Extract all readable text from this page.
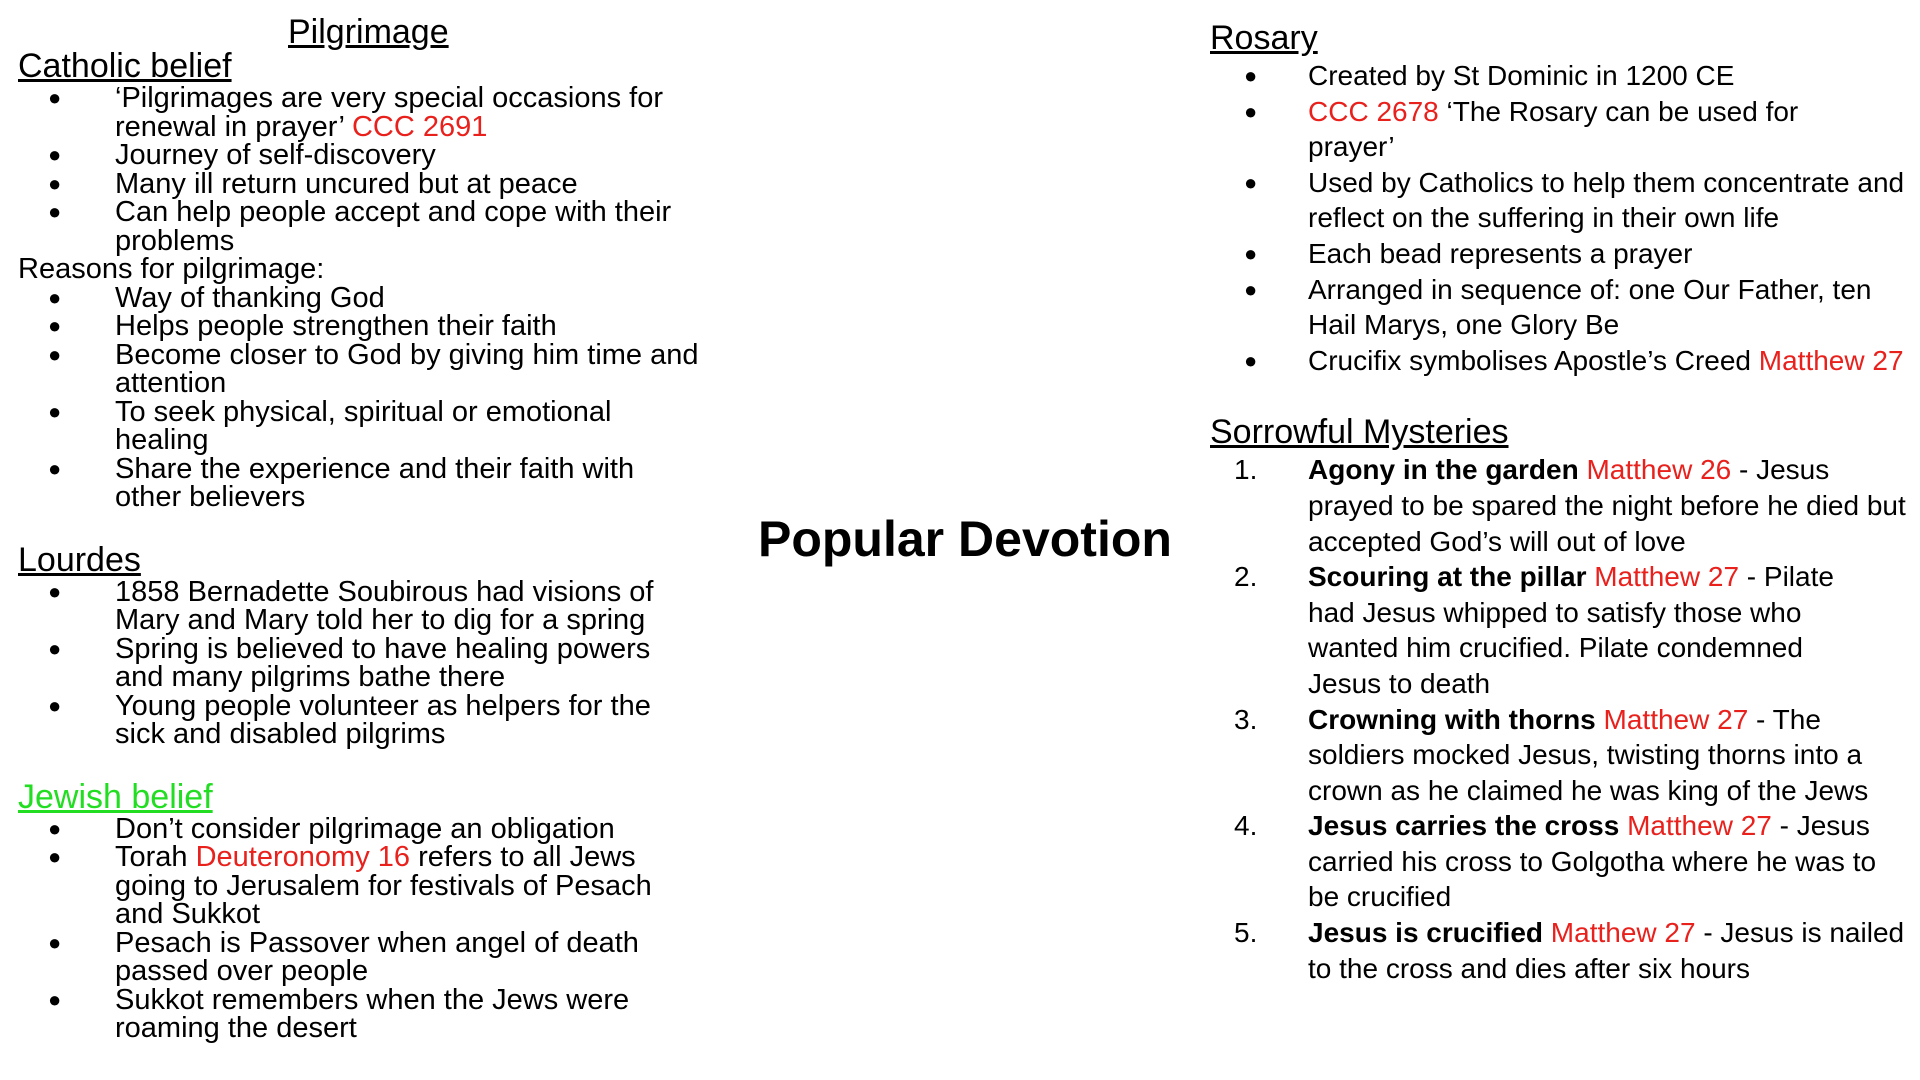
Pilgrimage
Catholic belief
● ‘Pilgrimages are very special occasions for renewal in prayer’ CCC 2691
● Journey of self-discovery
● Many ill return uncured but at peace
● Can help people accept and cope with their problems
Reasons for pilgrimage:
● Way of thanking God
● Helps people strengthen their faith
● Become closer to God by giving him time and attention
● To seek physical, spiritual or emotional healing
● Share the experience and their faith with other believers
Lourdes
● 1858 Bernadette Soubirous had visions of Mary and Mary told her to dig for a spring
● Spring is believed to have healing powers and many pilgrims bathe there
● Young people volunteer as helpers for the sick and disabled pilgrims
Jewish belief
● Don’t consider pilgrimage an obligation
● Torah Deuteronomy 16 refers to all Jews going to Jerusalem for festivals of Pesach and Sukkot
● Pesach is Passover when angel of death passed over people
● Sukkot remembers when the Jews were roaming the desert
Popular Devotion
Rosary
● Created by St Dominic in 1200 CE
● CCC 2678 ‘The Rosary can be used for prayer’
● Used by Catholics to help them concentrate and reflect on the suffering in their own life
● Each bead represents a prayer
● Arranged in sequence of: one Our Father, ten Hail Marys, one Glory Be
● Crucifix symbolises Apostle’s Creed Matthew 27
Sorrowful Mysteries
1. Agony in the garden Matthew 26 - Jesus prayed to be spared the night before he died but accepted God’s will out of love
2. Scouring at the pillar Matthew 27 - Pilate had Jesus whipped to satisfy those who wanted him crucified. Pilate condemned Jesus to death
3. Crowning with thorns Matthew 27 - The soldiers mocked Jesus, twisting thorns into a crown as he claimed he was king of the Jews
4. Jesus carries the cross Matthew 27 - Jesus carried his cross to Golgotha where he was to be crucified
5. Jesus is crucified Matthew 27 - Jesus is nailed to the cross and dies after six hours
